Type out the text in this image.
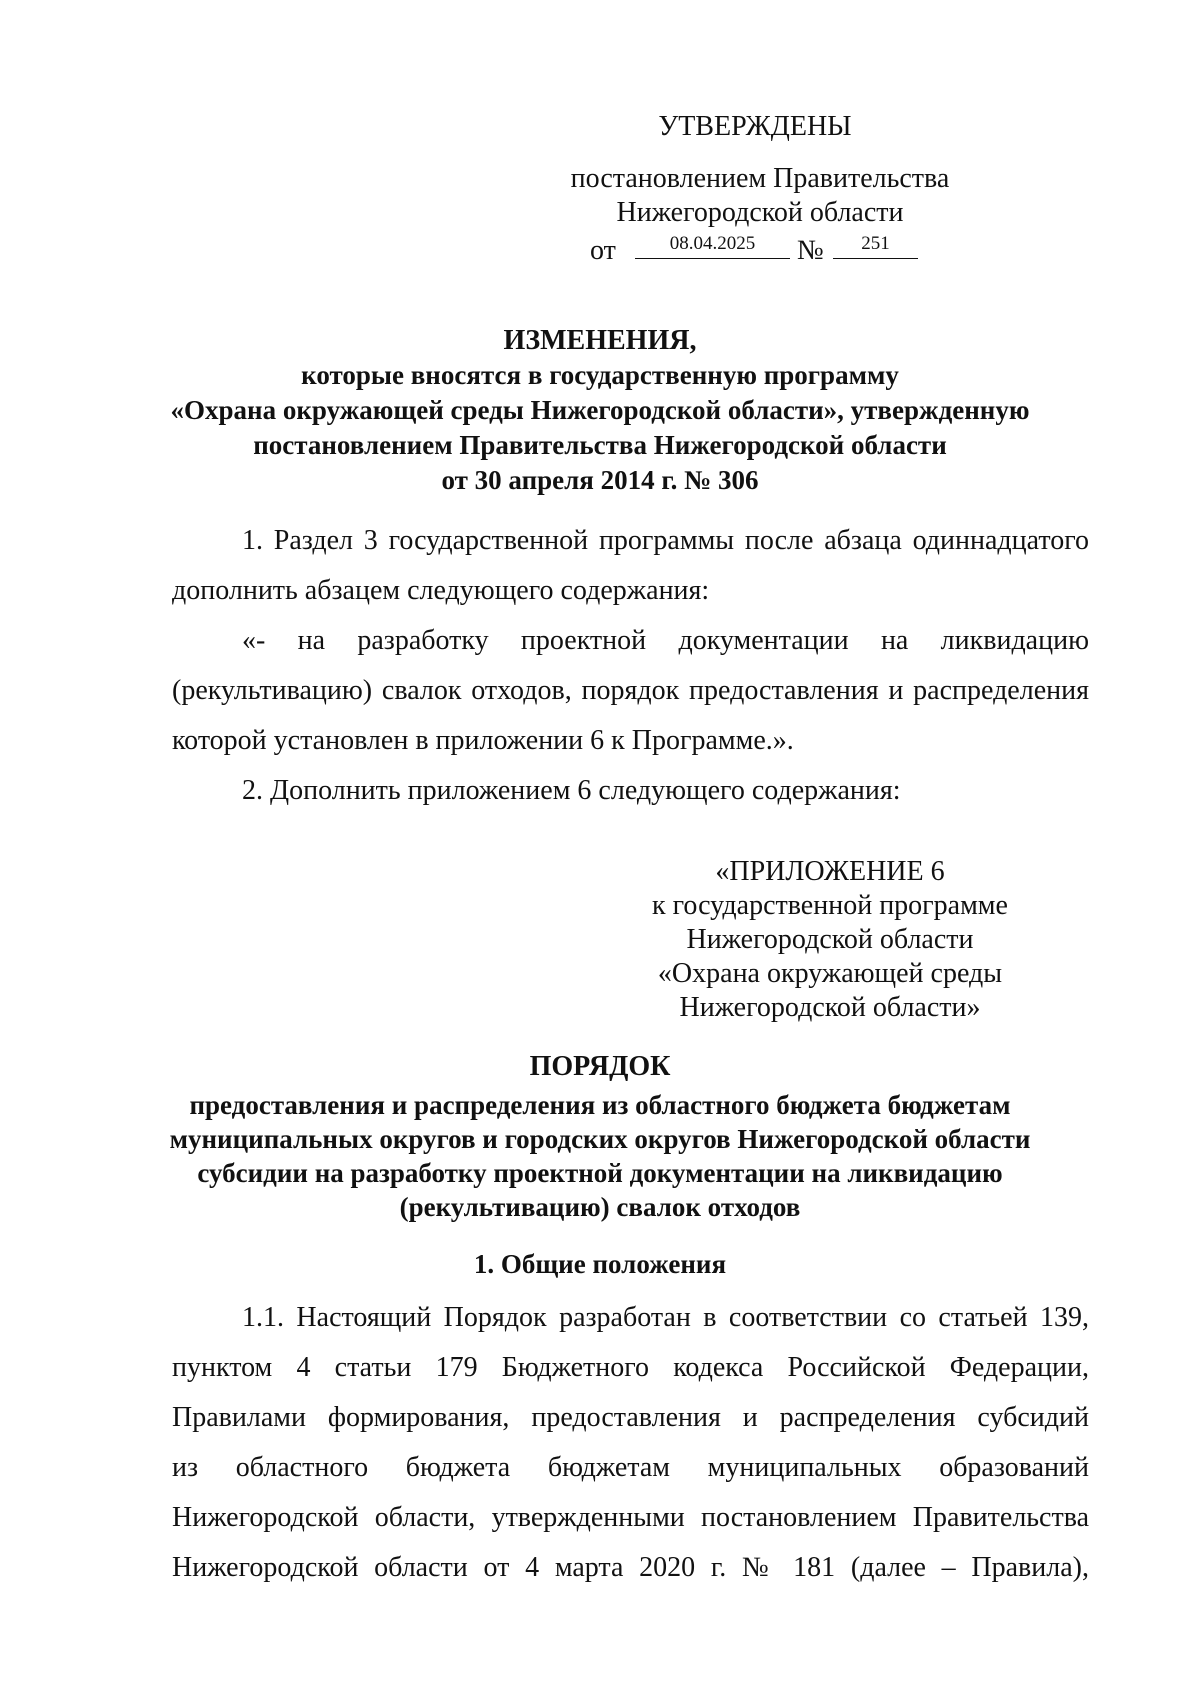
УТВЕРЖДЕНЫ
постановлением Правительства
Нижегородской области
от	08.04.2025	№	251
ИЗМЕНЕНИЯ,
которые вносятся в государственную программу
«Охрана окружающей среды Нижегородской области», утвержденную
постановлением Правительства Нижегородской области
от 30 апреля 2014 г. № 306

1. Раздел 3 государственной программы после абзаца одиннадцатого

дополнить абзацем следующего содержания:

«- на разработку проектной документации на ликвидацию

(рекультивацию) свалок отходов, порядок предоставления и распределения

которой установлен в приложении 6 к Программе.».

2. Дополнить приложением 6 следующего содержания:

«ПРИЛОЖЕНИЕ 6
к государственной программе
Нижегородской области
«Охрана окружающей среды
Нижегородской области»
ПОРЯДОК
предоставления и распределения из областного бюджета бюджетам
муниципальных округов и городских округов Нижегородской области
субсидии на разработку проектной документации на ликвидацию
(рекультивацию) свалок отходов
1. Общие положения

1.1. Настоящий Порядок разработан в соответствии со статьей 139,

пунктом 4 статьи 179 Бюджетного кодекса Российской Федерации,

Правилами формирования, предоставления и распределения субсидий

из областного бюджета бюджетам муниципальных образований

Нижегородской области, утвержденными постановлением Правительства

Нижегородской области от 4 марта 2020 г. № 181 (далее – Правила),
